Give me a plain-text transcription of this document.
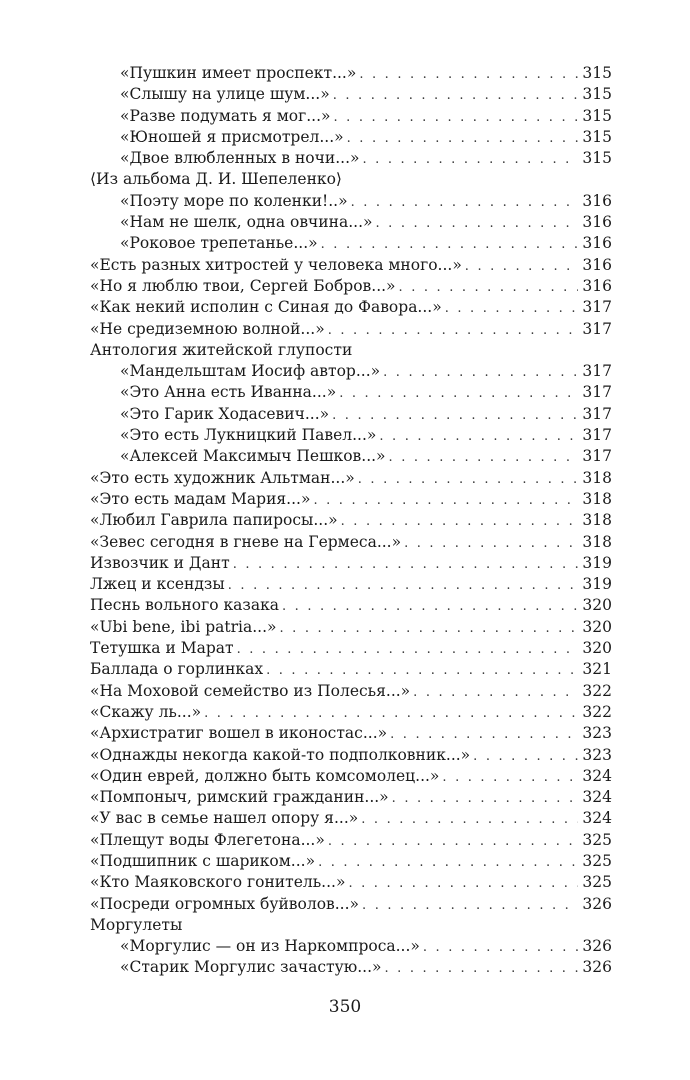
«Пушкин имеет проспект...» . . .	315
«Слышу на улице шум...» . . .	315
«Разве подумать я мог...» . . .	315
«Юношей я присмотрел...» . . .	315
«Двое влюбленных в ночи...» . . .	315
⟨Из альбома Д. И. Шепеленко⟩
«Поэту море по коленки!..» . . .	316
«Нам не шелк, одна овчина...» . . .	316
«Роковое трепетанье...» . . .	316
«Есть разных хитростей у человека много...» . . .	316
«Но я люблю твои, Сергей Бобров...» . . .	316
«Как некий исполин с Синая до Фавора...» . . .	317
«Не средиземною волной...» . . .	317
Антология житейской глупости
«Мандельштам Иосиф автор...» . . .	317
«Это Анна есть Иванна...» . . .	317
«Это Гарик Ходасевич...» . . .	317
«Это есть Лукницкий Павел...» . . .	317
«Алексей Максимыч Пешков...» . . .	317
«Это есть художник Альтман...» . . .	318
«Это есть мадам Мария...» . . .	318
«Любил Гаврила папиросы...» . . .	318
«Зевес сегодня в гневе на Гермеса...» . . .	318
Извозчик и Дант . . .	319
Лжец и ксендзы . . .	319
Песнь вольного казака . . .	320
«Ubi bene, ibi patria...» . . .	320
Тетушка и Марат . . .	320
Баллада о горлинках . . .	321
«На Моховой семейство из Полесья...» . . .	322
«Скажу ль...» . . .	322
«Архистратиг вошел в иконостас...» . . .	323
«Однажды некогда какой-то подполковник...» . . .	323
«Один еврей, должно быть комсомолец...» . . .	324
«Помпоныч, римский гражданин...» . . .	324
«У вас в семье нашел опору я...» . . .	324
«Плещут воды Флегетона...» . . .	325
«Подшипник с шариком...» . . .	325
«Кто Маяковского гонитель...» . . .	325
«Посреди огромных буйволов...» . . .	326
Моргулеты
«Моргулис — он из Наркомпроса...» . . .	326
«Старик Моргулис зачастую...» . . .	326
350
